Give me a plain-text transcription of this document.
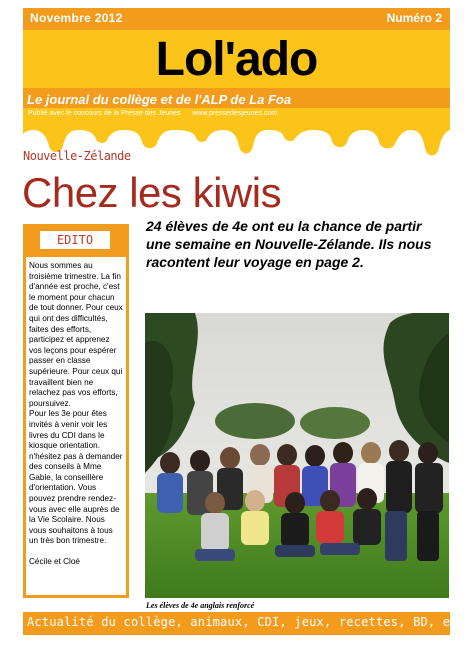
Novembre 2012	Numéro 2
Lol'ado
Le journal du collège et de l'ALP de La Foa
Publié avec le concours de la Presse des Jeunes      www.pressedesjeunes.com
Nouvelle-Zélande
Chez les kiwis
24 élèves de 4e ont eu la chance de partir une semaine en Nouvelle-Zélande. Ils nous racontent leur voyage en page 2.
EDITO

Nous sommes au troisième trimestre. La fin d'année est proche, c'est le moment pour chacun de tout donner. Pour ceux qui ont des difficultés, faites des efforts, participez et apprenez vos leçons pour espérer passer en classe supérieure. Pour ceux qui travaillent bien ne relachez pas vos efforts, poursuivez.

Pour les 3e pour êtes invités à venir voir les livres du CDI dans le kiosque orientation. n'hésitez pas à demander des conseils à Mme Gable, la conseillère d'orientation. Vous pouvez prendre rendez-vous avec elle auprès de la Vie Scolaire. Nous vous souhaitons à tous un très bon trimestre.

Cécile et Cloé

Les élèves de 4e anglais renforcé
Actualité du collège, animaux, CDI, jeux, recettes, BD, etc.
